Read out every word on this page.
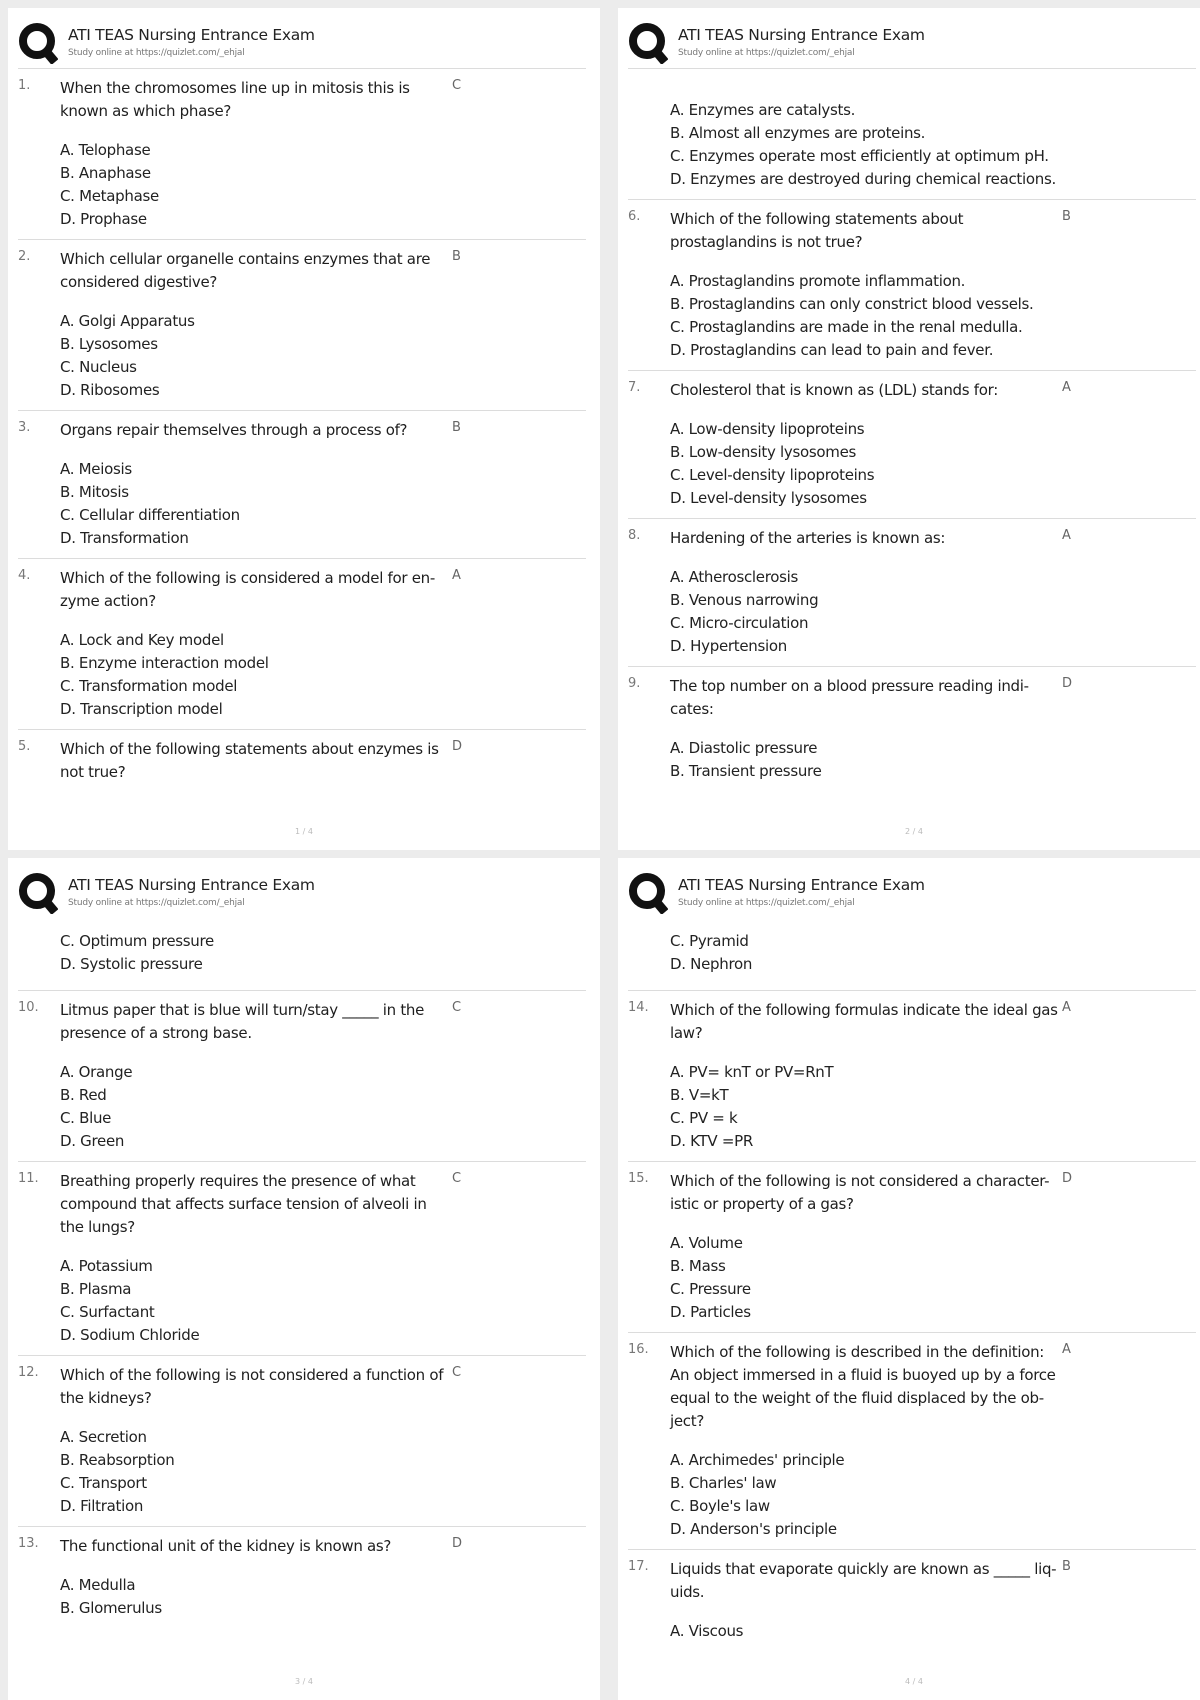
ATI TEAS Nursing Entrance Exam
Study online at https://quizlet.com/_ehjal
1. When the chromosomes line up in mitosis this is known as which phase?
C
A. Telophase
B. Anaphase
C. Metaphase
D. Prophase
2. Which cellular organelle contains enzymes that are considered digestive?
B
A. Golgi Apparatus
B. Lysosomes
C. Nucleus
D. Ribosomes
3. Organs repair themselves through a process of?	B
A. Meiosis
B. Mitosis
C. Cellular differentiation
D. Transformation
4. Which of the following is considered a model for en- zyme action?
A
A. Lock and Key model
B. Enzyme interaction model
C. Transformation model
D. Transcription model
5. Which of the following statements about enzymes is not true?
D
1 / 4
ATI TEAS Nursing Entrance Exam
Study online at https://quizlet.com/_ehjal
A. Enzymes are catalysts.
B. Almost all enzymes are proteins.
C. Enzymes operate most efficiently at optimum pH.
D. Enzymes are destroyed during chemical reactions.
6. Which of the following statements about prostaglandins is not true?
B
A. Prostaglandins promote inflammation.
B. Prostaglandins can only constrict blood vessels.
C. Prostaglandins are made in the renal medulla.
D. Prostaglandins can lead to pain and fever.
7. Cholesterol that is known as (LDL) stands for:	A
A. Low-density lipoproteins
B. Low-density lysosomes
C. Level-density lipoproteins
D. Level-density lysosomes
8. Hardening of the arteries is known as:	A
A. Atherosclerosis
B. Venous narrowing
C. Micro-circulation
D. Hypertension
9. The top number on a blood pressure reading indi- cates:
D
A. Diastolic pressure
B. Transient pressure
2 / 4
ATI TEAS Nursing Entrance Exam
Study online at https://quizlet.com/_ehjal
C. Optimum pressure
D. Systolic pressure
10. Litmus paper that is blue will turn/stay _____ in the presence of a strong base.
C
A. Orange
B. Red
C. Blue
D. Green
11. Breathing properly requires the presence of what compound that affects surface tension of alveoli in the lungs?
C
A. Potassium
B. Plasma
C. Surfactant
D. Sodium Chloride
12. Which of the following is not considered a function of the kidneys?
C
A. Secretion
B. Reabsorption
C. Transport
D. Filtration
13. The functional unit of the kidney is known as?	D
A. Medulla
B. Glomerulus
3 / 4
ATI TEAS Nursing Entrance Exam
Study online at https://quizlet.com/_ehjal
C. Pyramid
D. Nephron
14. Which of the following formulas indicate the ideal gas law?
A
A. PV= knT or PV=RnT
B. V=kT
C. PV = k
D. KTV =PR
15. Which of the following is not considered a character- istic or property of a gas?
D
A. Volume
B. Mass
C. Pressure
D. Particles
16. Which of the following is described in the definition: An object immersed in a fluid is buoyed up by a force equal to the weight of the fluid displaced by the ob- ject?
A
A. Archimedes' principle
B. Charles' law
C. Boyle's law
D. Anderson's principle
17. Liquids that evaporate quickly are known as _____ liq- uids.
B
A. Viscous
4 / 4
